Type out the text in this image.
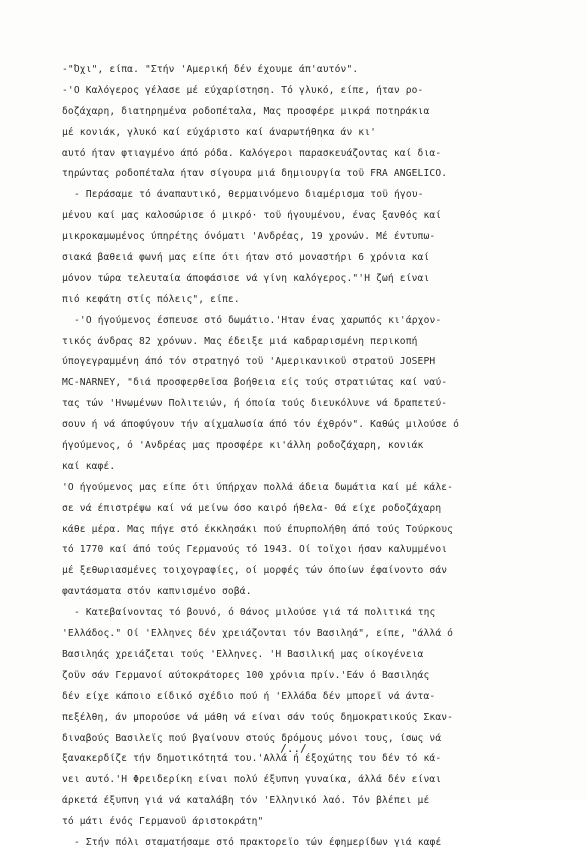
-"Όχι", είπα. "Στήν 'Αμερική δέν έχουμε άπ'αυτόν".
-'Ο Καλόγερος γέλασε μέ εύχαρίστηση. Τό γλυκό, είπε, ήταν ρο-
δοζάχαρη, διατηρημένα ροδοπέταλα, Μας προσφέρε μικρά ποτηράκια
μέ κονιάκ, γλυκό καί εύχάριστο καί άναρωτήθηκα άν κι'
αυτό ήταν φτιαγμένο άπό ρόδα. Καλόγεροι παρασκευάζοντας καί δια-
τηρώντας ροδοπέταλα ήταν σίγουρα μιά δημιουργία τοϋ FRA ANGELICO.
- Περάσαμε τό άναπαυτικό, θερμαινόμενο διαμέρισμα τοϋ ήγου-
μένου καί μας καλοσώρισε ό μικρό· τοϋ ήγουμένου, ένας ξανθός καί
μικροκαμωμένος ύπηρέτης όνόματι 'Ανδρέας, 19 χρονών. Μέ έντυπω-
σιακά βαθειά φωνή μας είπε ότι ήταν στό μοναστήρι 6 χρόνια καί
μόνον τώρα τελευταία άποφάσισε νά γίνη καλόγερος."'Η ζωή είναι
πιό κεφάτη στίς πόλεις", είπε.
-'Ο ήγούμενος έσπευσε στό δωμάτιο.'Ηταν ένας χαρωπός κι'άρχον-
τικός άνδρας 82 χρόνων. Μας έδειξε μιά καδραρισμένη περικοπή
ύπογεγραμμένη άπό τόν στρατηγό τοϋ 'Αμερικανικοϋ στρατοϋ JOSEPH
MC-NARNEY, "διά προσφερθεϊσα βοήθεια είς τούς στρατιώτας καί ναύ-
τας τών 'Ηνωμένων Πολιτειών, ή όποία τούς διευκόλυνε νά δραπετεύ-
σουν ή νά άποφύγουν τήν αίχμαλωσία άπό τόν έχθρόν". Καθώς μιλούσε ό
ήγούμενος, ό 'Ανδρέας μας προσφέρε κι'άλλη ροδοζάχαρη, κονιάκ
καί καφέ.
'Ο ήγούμενος μας είπε ότι ύπήρχαν πολλά άδεια δωμάτια καί μέ κάλε-
σε νά έπιστρέψω καί νά μείνω όσο καιρό ήθελα- Θά είχε ροδοζάχαρη
κάθε μέρα. Μας πήγε στό έκκλησάκι πού έπυρπολήθη άπό τούς Τούρκους
τό 1770 καί άπό τούς Γερμανούς τό 1943. Οί τοϊχοι ήσαν καλυμμένοι
μέ ξεθωριασμένες τοιχογραφίες, οί μορφές τών όποίων έφαίνοντο σάν
φαντάσματα στόν καπνισμένο σοβά.
- Κατεβαίνοντας τό βουνό, ό Θάνος μιλούσε γιά τά πολιτικά της
'Ελλάδος." Οί 'Ελληνες δέν χρειάζονται τόν Βασιληά", είπε, "άλλά ό
Βασιληάς χρειάζεται τούς 'Ελληνες. 'Η Βασιλική μας οίκογένεια
ζοϋν σάν Γερμανοί αύτοκράτορες 100 χρόνια πρίν.'Εάν ό Βασιληάς
δέν είχε κάποιο είδικό σχέδιο πού ή 'Ελλάδα δέν μπορεϊ νά άντα-
πεξέλθη, άν μπορούσε νά μάθη νά είναι σάν τούς δημοκρατικούς Σκαν-
διναβούς Βασιλεϊς πού βγαίνουν στούς δρόμους μόνοι τους, ίσως νά
ξανακερδίζε τήν δημοτικότητά του.'Αλλά ή έξοχώτης του δέν τό κά-
νει αυτό.'Η Φρειδερίκη είναι πολύ έξυπνη γυναίκα, άλλά δέν είναι
άρκετά έξυπνη γιά νά καταλάβη τόν 'Ελληνικό λαό. Τόν βλέπει μέ
τό μάτι ένός Γερμανοϋ άριστοκράτη"
- Στήν πόλι σταματήσαμε στό πρακτορεϊο τών έφημερίδων γιά καφέ
/../
